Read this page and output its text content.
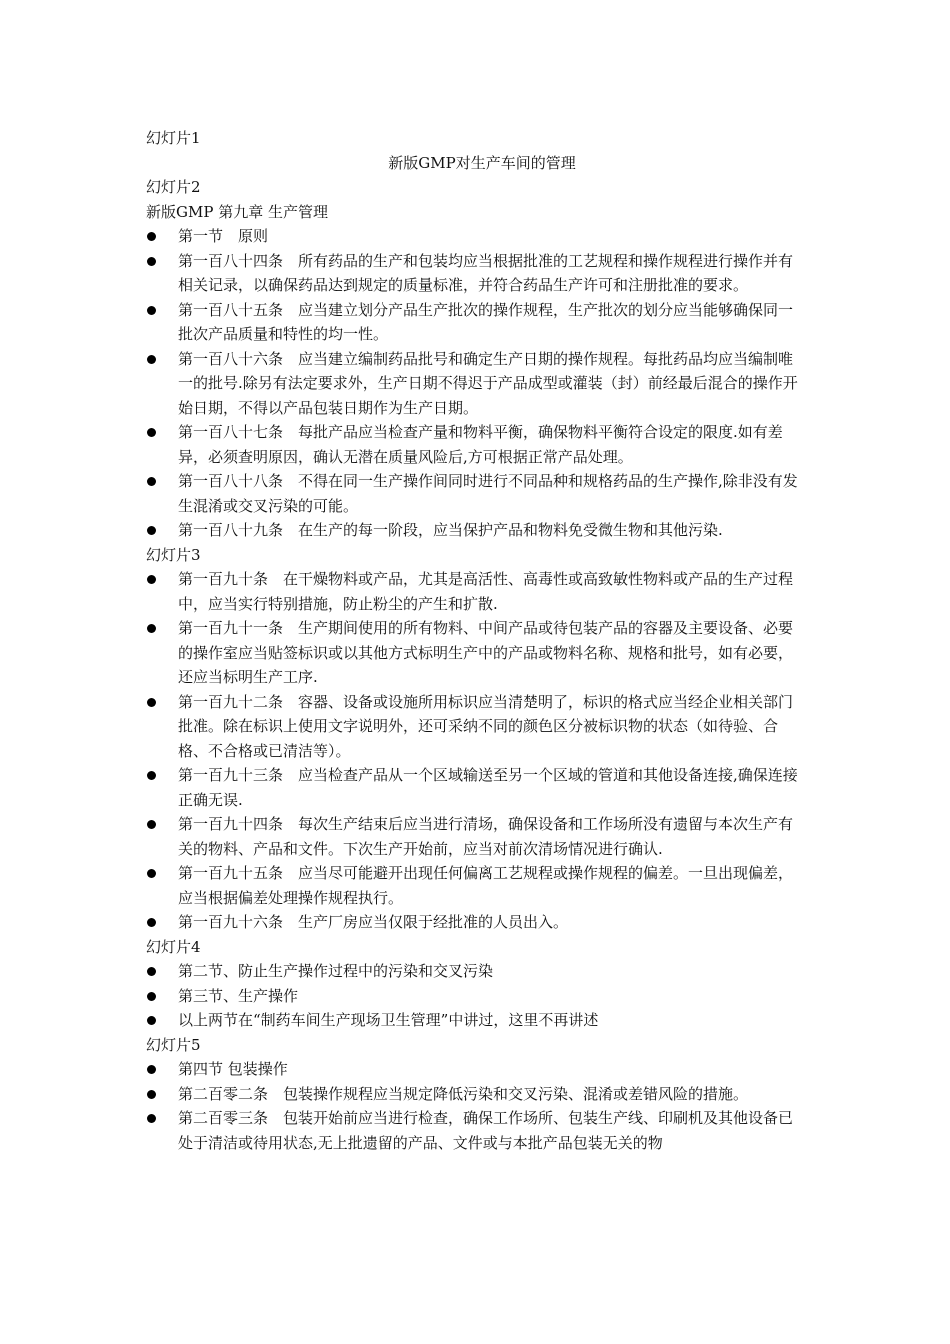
幻灯片1
新版GMP对生产车间的管理
幻灯片2
新版GMP 第九章 生产管理
第一节　原则
第一百八十四条　所有药品的生产和包装均应当根据批准的工艺规程和操作规程进行操作并有相关记录，以确保药品达到规定的质量标准，并符合药品生产许可和注册批准的要求。
第一百八十五条　应当建立划分产品生产批次的操作规程，生产批次的划分应当能够确保同一批次产品质量和特性的均一性。
第一百八十六条　应当建立编制药品批号和确定生产日期的操作规程。每批药品均应当编制唯一的批号.除另有法定要求外，生产日期不得迟于产品成型或灌装（封）前经最后混合的操作开始日期，不得以产品包装日期作为生产日期。
第一百八十七条　每批产品应当检查产量和物料平衡，确保物料平衡符合设定的限度.如有差异，必须查明原因，确认无潜在质量风险后,方可根据正常产品处理。
第一百八十八条　不得在同一生产操作间同时进行不同品种和规格药品的生产操作,除非没有发生混淆或交叉污染的可能。
第一百八十九条　在生产的每一阶段，应当保护产品和物料免受微生物和其他污染.
幻灯片3
第一百九十条　在干燥物料或产品，尤其是高活性、高毒性或高致敏性物料或产品的生产过程中，应当实行特别措施，防止粉尘的产生和扩散.
第一百九十一条　生产期间使用的所有物料、中间产品或待包装产品的容器及主要设备、必要的操作室应当贴签标识或以其他方式标明生产中的产品或物料名称、规格和批号，如有必要，还应当标明生产工序.
第一百九十二条　容器、设备或设施所用标识应当清楚明了，标识的格式应当经企业相关部门批准。除在标识上使用文字说明外，还可采纳不同的颜色区分被标识物的状态（如待验、合格、不合格或已清洁等）。
第一百九十三条　应当检查产品从一个区域输送至另一个区域的管道和其他设备连接,确保连接正确无误.
第一百九十四条　每次生产结束后应当进行清场，确保设备和工作场所没有遗留与本次生产有关的物料、产品和文件。下次生产开始前，应当对前次清场情况进行确认.
第一百九十五条　应当尽可能避开出现任何偏离工艺规程或操作规程的偏差。一旦出现偏差，应当根据偏差处理操作规程执行。
第一百九十六条　生产厂房应当仅限于经批准的人员出入。
幻灯片4
第二节、防止生产操作过程中的污染和交叉污染
第三节、生产操作
以上两节在“制药车间生产现场卫生管理”中讲过，这里不再讲述
幻灯片5
第四节 包装操作
第二百零二条　包装操作规程应当规定降低污染和交叉污染、混淆或差错风险的措施。
第二百零三条　包装开始前应当进行检查，确保工作场所、包装生产线、印刷机及其他设备已处于清洁或待用状态,无上批遗留的产品、文件或与本批产品包装无关的物
